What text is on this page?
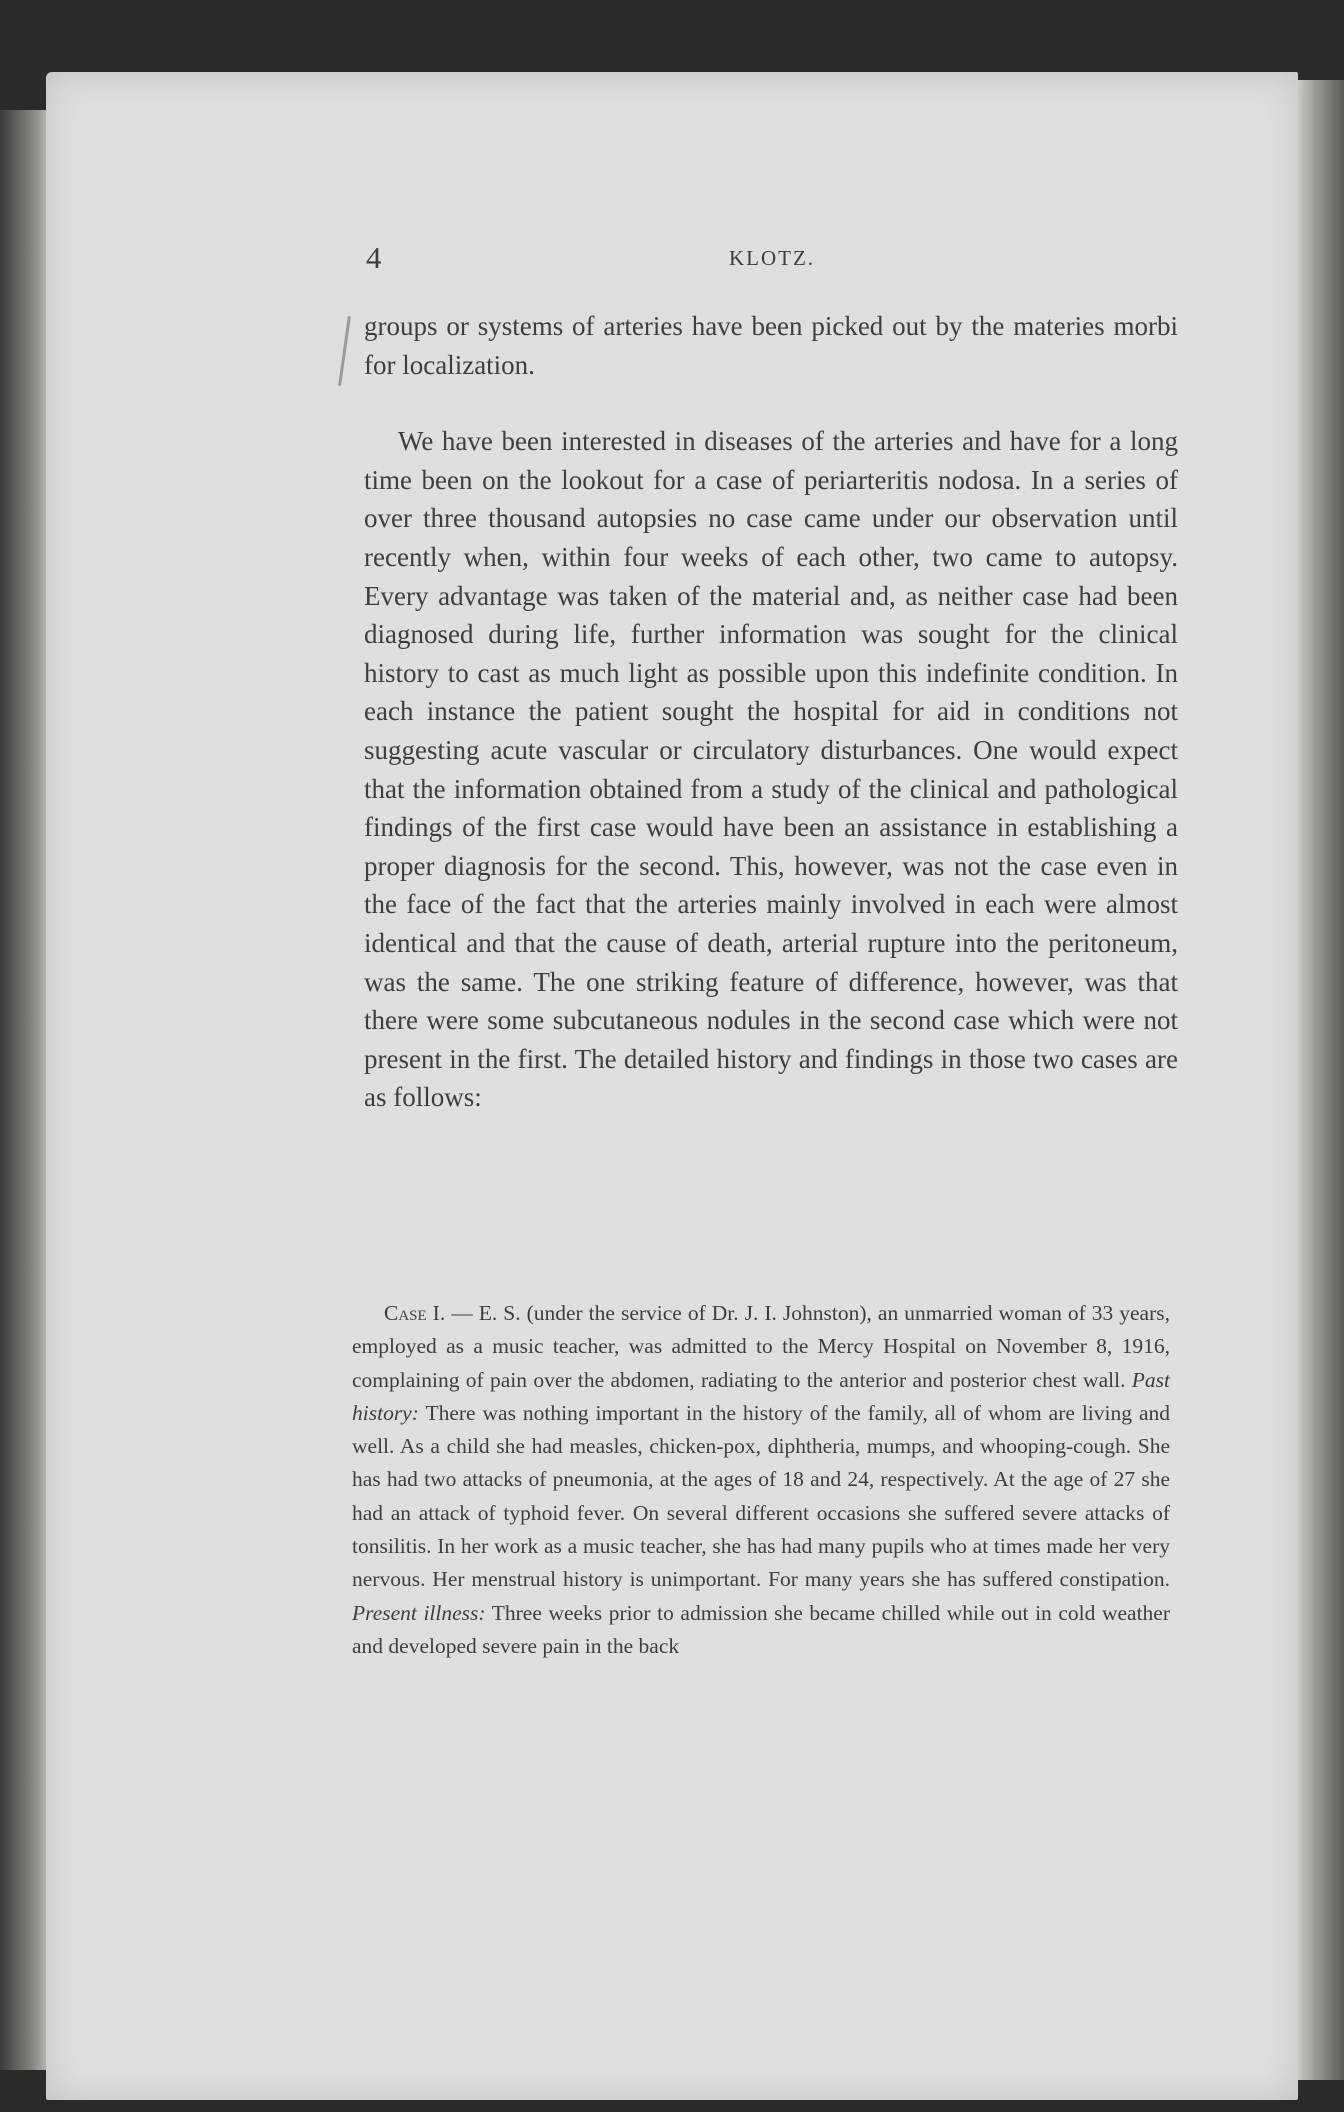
4	KLOTZ.

groups or systems of arteries have been picked out by the materies morbi for localization.

We have been interested in diseases of the arteries and have for a long time been on the lookout for a case of periarteritis nodosa. In a series of over three thousand autopsies no case came under our observation until recently when, within four weeks of each other, two came to autopsy. Every advantage was taken of the material and, as neither case had been diagnosed during life, further information was sought for the clinical history to cast as much light as possible upon this indefinite condition. In each instance the patient sought the hospital for aid in conditions not suggesting acute vascular or circulatory disturbances. One would expect that the information obtained from a study of the clinical and pathological findings of the first case would have been an assistance in establishing a proper diagnosis for the second. This, however, was not the case even in the face of the fact that the arteries mainly involved in each were almost identical and that the cause of death, arterial rupture into the peritoneum, was the same. The one striking feature of difference, however, was that there were some subcutaneous nodules in the second case which were not present in the first. The detailed history and findings in those two cases are as follows:

Case I. — E. S. (under the service of Dr. J. I. Johnston), an unmarried woman of 33 years, employed as a music teacher, was admitted to the Mercy Hospital on November 8, 1916, complaining of pain over the abdomen, radiating to the anterior and posterior chest wall. Past history: There was nothing important in the history of the family, all of whom are living and well. As a child she had measles, chicken-pox, diphtheria, mumps, and whooping-cough. She has had two attacks of pneumonia, at the ages of 18 and 24, respectively. At the age of 27 she had an attack of typhoid fever. On several different occasions she suffered severe attacks of tonsilitis. In her work as a music teacher, she has had many pupils who at times made her very nervous. Her menstrual history is unimportant. For many years she has suffered constipation. Present illness: Three weeks prior to admission she became chilled while out in cold weather and developed severe pain in the back
